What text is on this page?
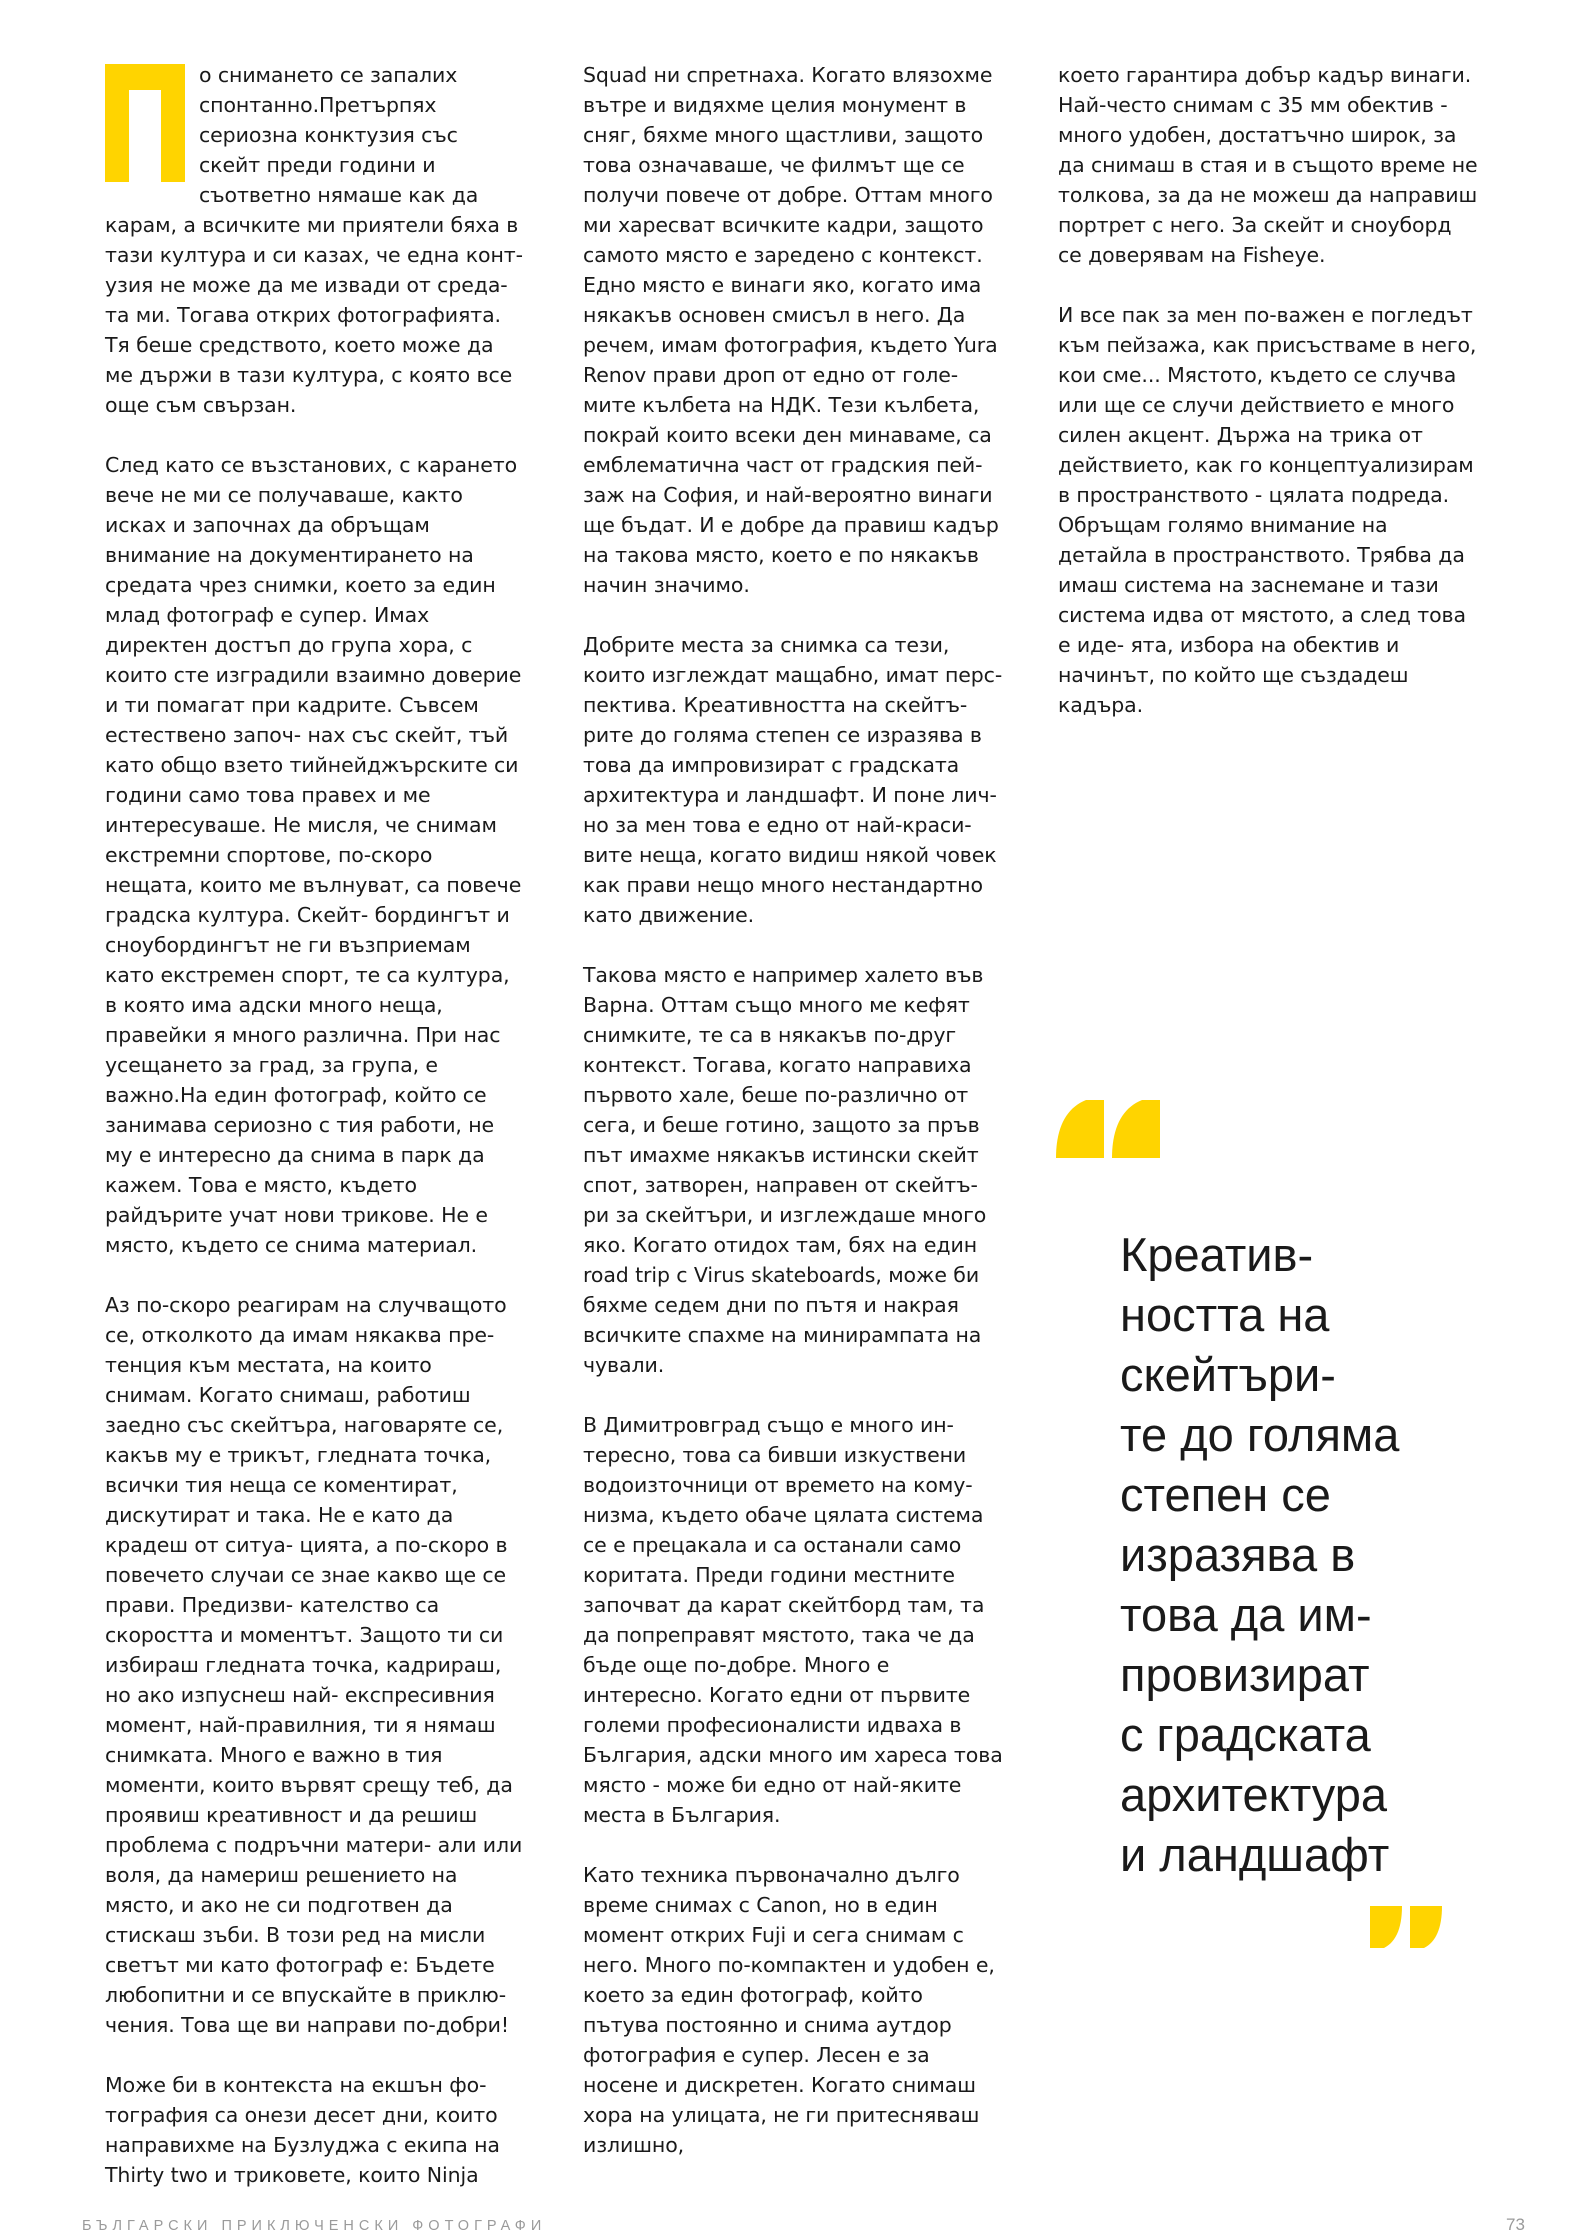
о снимането се запалих спонтанно.Претърпях сериозна конктузия със скейт преди години и съответно нямаше как да карам, а всичките ми приятели бяха в тази култура и си казах, че една конт- узия не може да ме извади от среда- та ми. Тогава открих фотографията. Тя беше средството, което може да ме държи в тази култура, с която все още съм свързан.

След като се възстанових, с карането вече не ми се получаваше, както исках и започнах да обръщам внимание на документирането на средата чрез снимки, което за един млад фотограф е супер. Имах директен достъп до група хора, с които сте изградили взаимно доверие и ти помагат при кадрите. Съвсем естествено започ- нах със скейт, тъй като общо взето тийнейджърските си години само това правех и ме интересуваше. Не мисля, че снимам екстремни спортове, по-скоро нещата, които ме вълнуват, са повече градска култура. Скейт- бордингът и сноубордингът не ги възприемам като екстремен спорт, те са култура, в която има адски много неща, правейки я много различна. При нас усещането за град, за група, е важно.На един фотограф, който се занимава сериозно с тия работи, не му е интересно да снима в парк да кажем. Това е място, където райдърите учат нови трикове. Не е място, където се снима материал.

Аз по-скоро реагирам на случващото се, отколкото да имам някаква пре- тенция към местата, на които снимам. Когато снимаш, работиш заедно със скейтъра, наговаряте се, какъв му е трикът, гледната точка, всички тия неща се коментират, дискутират и така. Не е като да крадеш от ситуа- цията, а по-скоро в повечето случаи се знае какво ще се прави. Предизви- кателство са скоростта и моментът. Защото ти си избираш гледната точка, кадрираш, но ако изпуснеш най- експресивния момент, най-правилния, ти я нямаш снимката. Много е важно в тия моменти, които вървят срещу теб, да проявиш креативност и да решиш проблема с подръчни матери- али или воля, да намериш решението на място, и ако не си подготвен да стискаш зъби. В този ред на мисли светът ми като фотограф е: Бъдете любопитни и се впускайте в приклю- чения. Това ще ви направи по-добри!

Може би в контекста на екшън фо- тография са онези десет дни, които направихме на Бузлуджа с екипа на Thirty two и триковете, които Ninja

Squad ни спретнаха. Когато влязохме вътре и видяхме целия монумент в сняг, бяхме много щастливи, защото това означаваше, че филмът ще се получи повече от добре. Оттам много ми харесват всичките кадри, защото самото място е заредено с контекст. Едно място е винаги яко, когато има някакъв основен смисъл в него. Да речем, имам фотография, където Yura Renov прави дроп от едно от голе- мите кълбета на НДК. Тези кълбета, покрай които всеки ден минаваме, са емблематична част от градския пей- заж на София, и най-вероятно винаги ще бъдат. И е добре да правиш кадър на такова място, което е по някакъв начин значимо.

Добрите места за снимка са тези, които изглеждат мащабно, имат перс- пектива. Креативността на скейтъ- рите до голяма степен се изразява в това да импровизират с градската архитектура и ландшафт. И поне лич- но за мен това е едно от най-краси- вите неща, когато видиш някой човек как прави нещо много нестандартно като движение.

Такова място е например халето във Варна. Оттам също много ме кефят снимките, те са в някакъв по-друг контекст. Тогава, когато направиха първото хале, беше по-различно от сега, и беше готино, защото за пръв път имахме някакъв истински скейт спот, затворен, направен от скейтъ- ри за скейтъри, и изглеждаше много яко. Когато отидох там, бях на един road trip с Virus skateboards, може би бяхме седем дни по пътя и накрая всичките спахме на минирампата на чували.

В Димитровград също е много ин- тересно, това са бивши изкуствени водоизточници от времето на кому- низма, където обаче цялата система се е прецакала и са останали само коритата. Преди години местните започват да карат скейтборд там, та да попрепрaвят мястото, така че да бъде още по-добре. Много е интересно. Когато едни от първите големи професионалисти идваха в България, адски много им хареса това място - може би едно от най-яките места в България.

Като техника първоначално дълго време снимах с Canon, но в един момент открих Fuji и сега снимам с него. Много по-компактен и удобен е, което за един фотограф, който пътува постоянно и снима аутдор фотография е супер. Лесен е за носене и дискретен. Когато снимаш хора на улицата, не ги притесняваш излишно,

което гарантира добър кадър винаги. Най-често снимам с 35 мм обектив - много удобен, достатъчно широк, за да снимаш в стая и в същото време не толкова, за да не можеш да направиш портрет с него. За скейт и сноуборд се доверявам на Fisheye.

И все пак за мен по-важен е погледът към пейзажа, как присъстваме в него, кои сме... Мястото, където се случва или ще се случи действието е много силен акцент. Държа на трика от действието, как го концептуализирам в пространството - цялата подреда. Обръщам голямо внимание на детайла в пространството. Трябва да имаш система на заснемане и тази система идва от мястото, а след това е иде- ята, избора на обектив и начинът, по който ще създадеш кадъра.

Креатив-
ността на
скейтъри-
те до голяма
степен се
изразява в
това да им-
провизират
с градската
архитектура
и ландшафт
БЪЛГАРСКИ ПРИКЛЮЧЕНСКИ ФОТОГРАФИ	73
